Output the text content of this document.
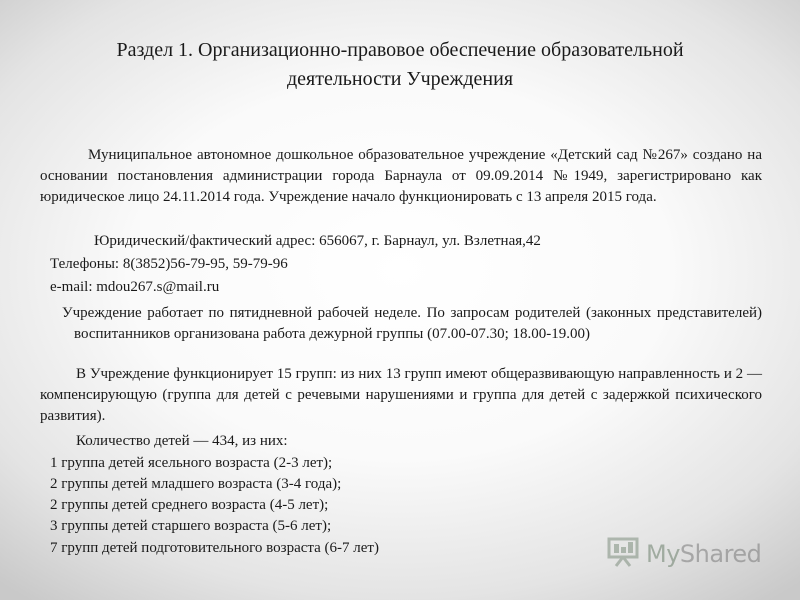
Раздел 1. Организационно-правовое обеспечение образовательной
деятельности Учреждения
Муниципальное автономное дошкольное образовательное учреждение «Детский сад №267» создано на основании постановления администрации города Барнаула от 09.09.2014 №1949, зарегистрировано как юридическое лицо 24.11.2014 года. Учреждение начало функционировать с 13 апреля 2015 года.
Юридический/фактический адрес: 656067, г. Барнаул, ул. Взлетная,42
Телефоны: 8(3852)56-79-95, 59-79-96
e-mail: mdou267.s@mail.ru
Учреждение работает по пятидневной рабочей неделе. По запросам родителей (законных представителей) воспитанников организована работа дежурной группы (07.00-07.30; 18.00-19.00)
В Учреждение функционирует 15 групп: из них 13 групп имеют общеразвивающую направленность и 2 — компенсирующую (группа для детей с речевыми нарушениями и группа для детей с задержкой психического развития).
Количество детей — 434, из них:
1 группа детей ясельного возраста (2-3 лет);
2 группы детей младшего возраста (3-4 года);
2 группы детей среднего возраста (4-5 лет);
3 группы детей старшего возраста (5-6 лет);
7 групп детей подготовительного возраста (6-7 лет)	MyShared
